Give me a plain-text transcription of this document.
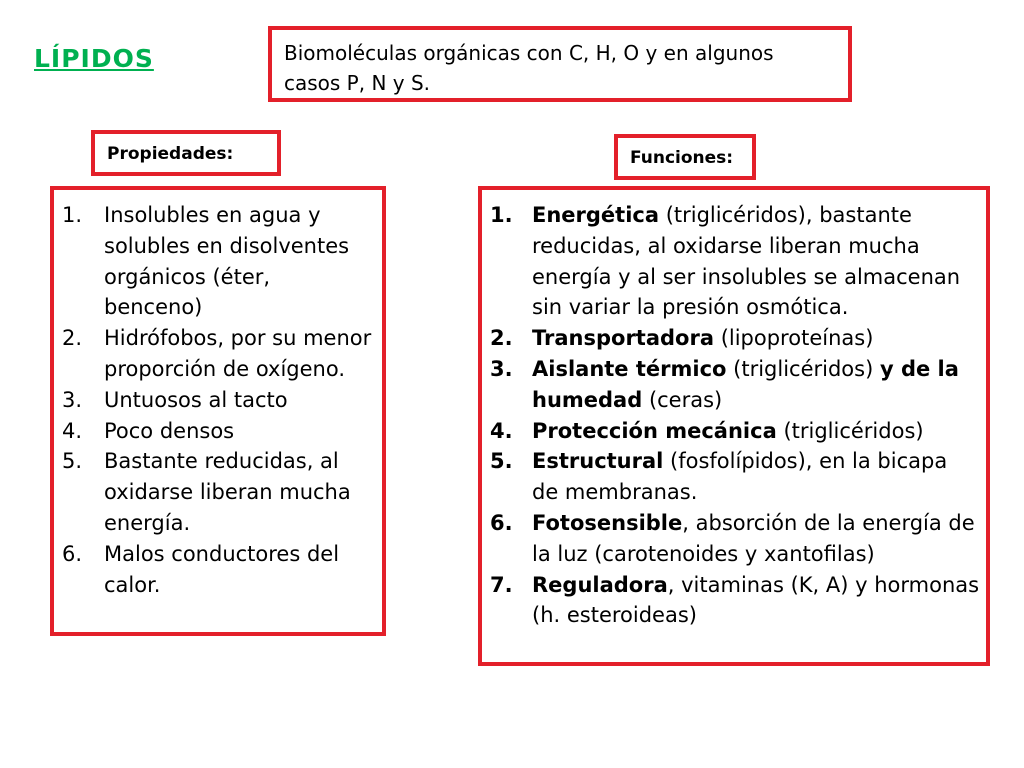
LÍPIDOS	Biomoléculas orgánicas con C, H, O y en algunos casos P, N y S.
Propiedades:	Funciones:
1.	Insolubles en agua y solubles en disolventes orgánicos (éter, benceno)
2.	Hidrófobos, por su menor proporción de oxígeno.
3.	Untuosos al tacto
4.	Poco densos
5.	Bastante reducidas, al oxidarse liberan mucha energía.
6.	Malos conductores del calor.
1. Energética (triglicéridos), bastante reducidas, al oxidarse liberan mucha energía y al ser insolubles se almacenan sin variar la presión osmótica.
2. Transportadora (lipoproteínas)
3. Aislante térmico (triglicéridos) y de la humedad (ceras)
4. Protección mecánica (triglicéridos)
5. Estructural (fosfolípidos), en la bicapa de membranas.
6. Fotosensible, absorción de la energía de la luz (carotenoides y xantofilas)
7. Reguladora, vitaminas (K, A) y hormonas (h. esteroideas)
